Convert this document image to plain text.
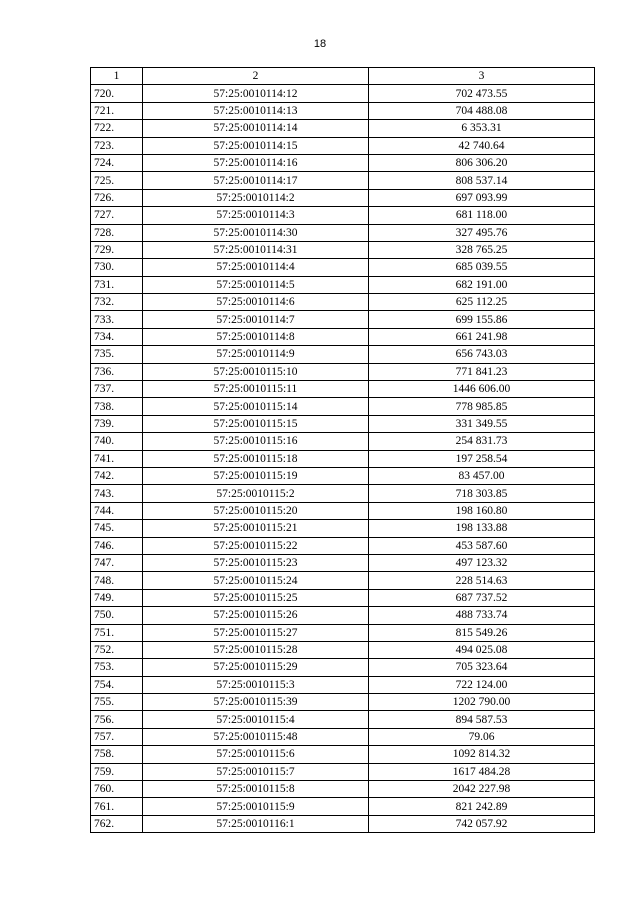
18
1	2	3
720.	57:25:0010114:12	702 473.55
721.	57:25:0010114:13	704 488.08
722.	57:25:0010114:14	6 353.31
723.	57:25:0010114:15	42 740.64
724.	57:25:0010114:16	806 306.20
725.	57:25:0010114:17	808 537.14
726.	57:25:0010114:2	697 093.99
727.	57:25:0010114:3	681 118.00
728.	57:25:0010114:30	327 495.76
729.	57:25:0010114:31	328 765.25
730.	57:25:0010114:4	685 039.55
731.	57:25:0010114:5	682 191.00
732.	57:25:0010114:6	625 112.25
733.	57:25:0010114:7	699 155.86
734.	57:25:0010114:8	661 241.98
735.	57:25:0010114:9	656 743.03
736.	57:25:0010115:10	771 841.23
737.	57:25:0010115:11	1446 606.00
738.	57:25:0010115:14	778 985.85
739.	57:25:0010115:15	331 349.55
740.	57:25:0010115:16	254 831.73
741.	57:25:0010115:18	197 258.54
742.	57:25:0010115:19	83 457.00
743.	57:25:0010115:2	718 303.85
744.	57:25:0010115:20	198 160.80
745.	57:25:0010115:21	198 133.88
746.	57:25:0010115:22	453 587.60
747.	57:25:0010115:23	497 123.32
748.	57:25:0010115:24	228 514.63
749.	57:25:0010115:25	687 737.52
750.	57:25:0010115:26	488 733.74
751.	57:25:0010115:27	815 549.26
752.	57:25:0010115:28	494 025.08
753.	57:25:0010115:29	705 323.64
754.	57:25:0010115:3	722 124.00
755.	57:25:0010115:39	1202 790.00
756.	57:25:0010115:4	894 587.53
757.	57:25:0010115:48	79.06
758.	57:25:0010115:6	1092 814.32
759.	57:25:0010115:7	1617 484.28
760.	57:25:0010115:8	2042 227.98
761.	57:25:0010115:9	821 242.89
762.	57:25:0010116:1	742 057.92
